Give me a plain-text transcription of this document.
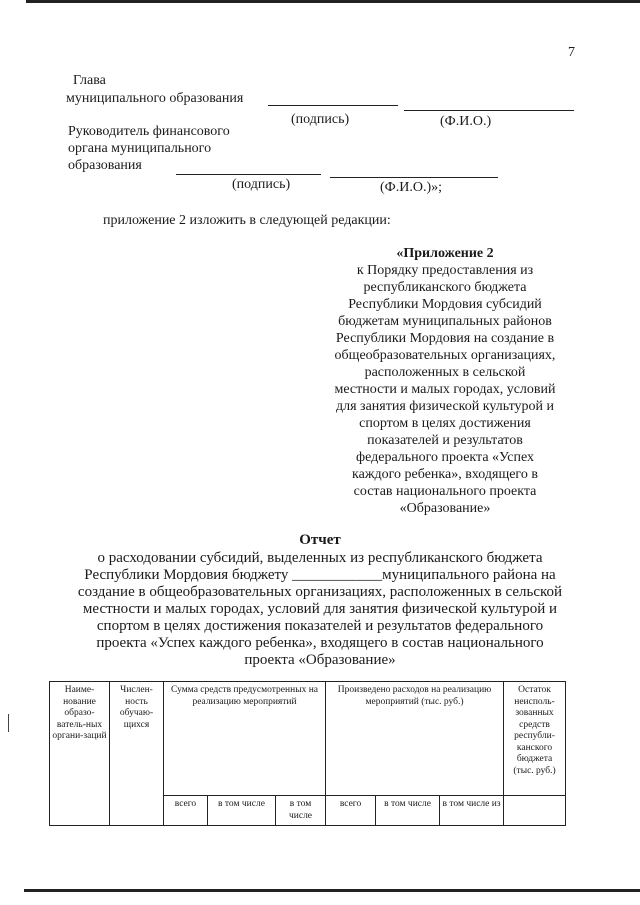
7
Глава
муниципального образования
(подпись)	(Ф.И.О.)
Руководитель финансового
органа муниципального
образования
(подпись)	(Ф.И.О.)»;
приложение 2 изложить в следующей редакции:
«Приложение 2
к Порядку предоставления из
республиканского бюджета
Республики Мордовия субсидий
бюджетам муниципальных районов
Республики Мордовия на создание в
общеобразовательных организациях,
расположенных в сельской
местности и малых городах, условий
для занятия физической культурой и
спортом в целях достижения
показателей и результатов
федерального проекта «Успех
каждого ребенка», входящего в
состав национального проекта
«Образование»
Отчет
о расходовании субсидий, выделенных из республиканского бюджета
Республики Мордовия бюджету ____________муниципального района на
создание в общеобразовательных организациях, расположенных в сельской
местности и малых городах, условий для занятия физической культурой и
спортом в целях достижения показателей и результатов федерального
проекта «Успех каждого ребенка», входящего в состав национального
проекта «Образование»
Наиме-нование образо-ватель-ных органи-заций	Числен-ность обучаю-щихся	Сумма средств предусмотренных на реализацию мероприятий			Произведено расходов на реализацию мероприятий (тыс. руб.)			Остаток неисполь-зованных средств республи-канского бюджета (тыс. руб.)
		всего	в том числе	в том числе	всего	в том числе	в том числе из	
